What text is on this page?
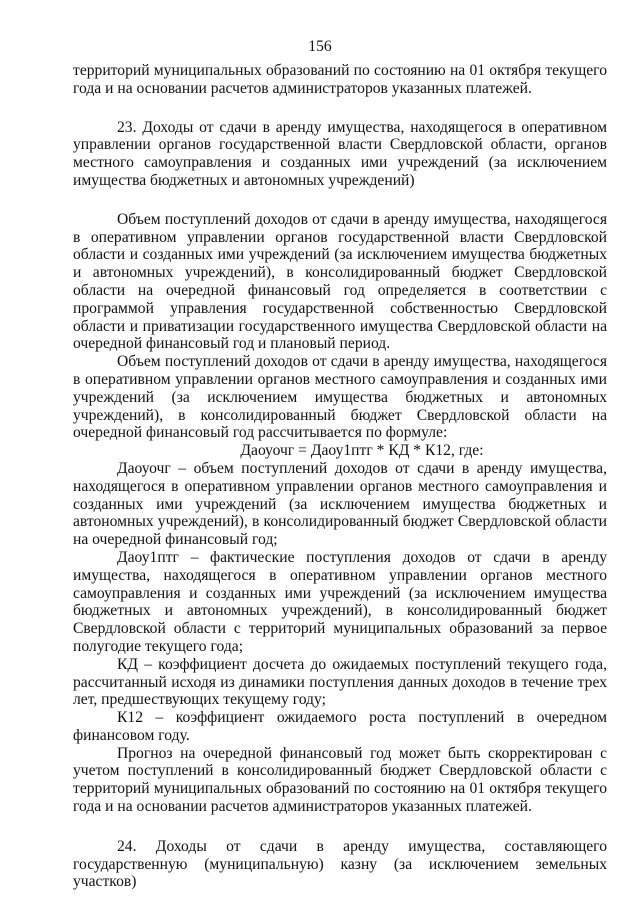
156

территорий муниципальных образований по состоянию на 01 октября текущего года и на основании расчетов администраторов указанных платежей.

23. Доходы от сдачи в аренду имущества, находящегося в оперативном управлении органов государственной власти Свердловской области, органов местного самоуправления и созданных ими учреждений (за исключением имущества бюджетных и автономных учреждений)

Объем поступлений доходов от сдачи в аренду имущества, находящегося в оперативном управлении органов государственной власти Свердловской области и созданных ими учреждений (за исключением имущества бюджетных и автономных учреждений), в консолидированный бюджет Свердловской области на очередной финансовый год определяется в соответствии с программой управления государственной собственностью Свердловской области и приватизации государственного имущества Свердловской области на очередной финансовый год и плановый период.

Объем поступлений доходов от сдачи в аренду имущества, находящегося в оперативном управлении органов местного самоуправления и созданных ими учреждений (за исключением имущества бюджетных и автономных учреждений), в консолидированный бюджет Свердловской области на очередной финансовый год рассчитывается по формуле:

Даоуочг = Даоу1птг * КД * К12, где:

Даоуочг – объем поступлений доходов от сдачи в аренду имущества, находящегося в оперативном управлении органов местного самоуправления и созданных ими учреждений (за исключением имущества бюджетных и автономных учреждений), в консолидированный бюджет Свердловской области на очередной финансовый год;

Даоу1птг – фактические поступления доходов от сдачи в аренду имущества, находящегося в оперативном управлении органов местного самоуправления и созданных ими учреждений (за исключением имущества бюджетных и автономных учреждений), в консолидированный бюджет Свердловской области с территорий муниципальных образований за первое полугодие текущего года;

КД – коэффициент досчета до ожидаемых поступлений текущего года, рассчитанный исходя из динамики поступления данных доходов в течение трех лет, предшествующих текущему году;

К12 – коэффициент ожидаемого роста поступлений в очередном финансовом году.

Прогноз на очередной финансовый год может быть скорректирован с учетом поступлений в консолидированный бюджет Свердловской области с территорий муниципальных образований по состоянию на 01 октября текущего года и на основании расчетов администраторов указанных платежей.

24. Доходы от сдачи в аренду имущества, составляющего государственную (муниципальную) казну (за исключением земельных участков)
